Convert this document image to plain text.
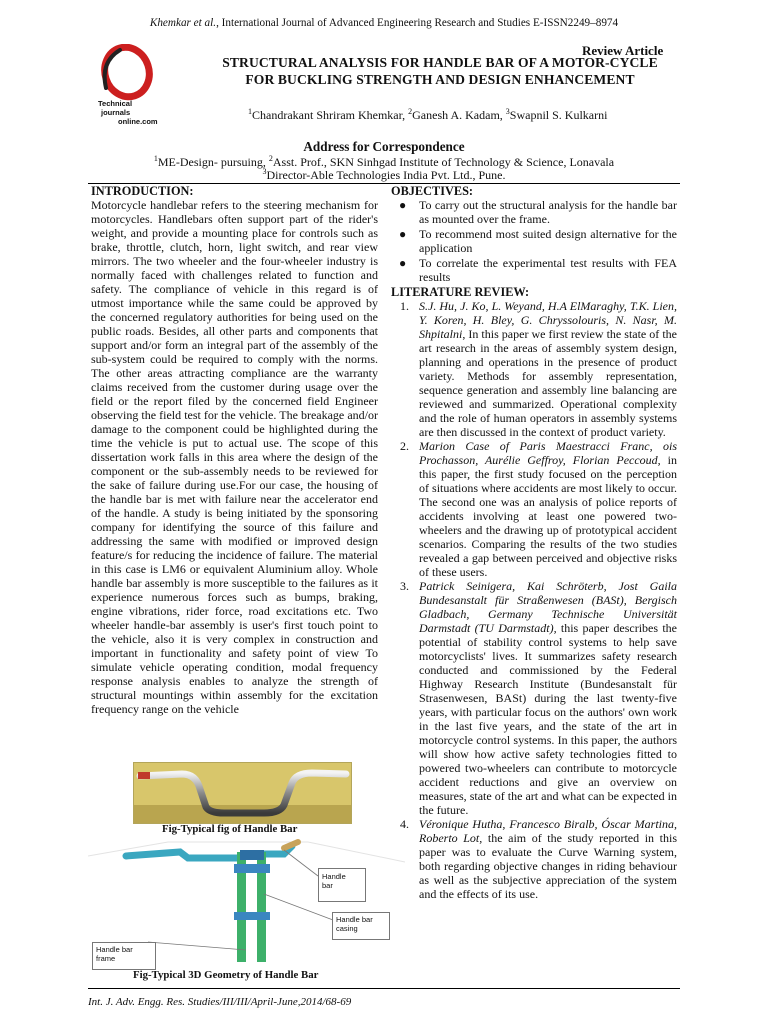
Khemkar et al., International Journal of Advanced Engineering Research and Studies E-ISSN2249–8974
Technical
journals
online.com
Review Article
STRUCTURAL ANALYSIS FOR HANDLE BAR OF A MOTOR-CYCLE FOR BUCKLING STRENGTH AND DESIGN ENHANCEMENT
$^1$Chandrakant Shriram Khemkar, $^2$Ganesh A. Kadam, $^3$Swapnil S. Kulkarni
Address for Correspondence
$^1$ME-Design- pursuing, $^2$Asst. Prof., SKN Sinhgad Institute of Technology & Science, Lonavala
$^3$Director-Able Technologies India Pvt. Ltd., Pune.
INTRODUCTION:

Motorcycle handlebar refers to the steering mechanism for motorcycles. Handlebars often support part of the rider's weight, and provide a mounting place for controls such as brake, throttle, clutch, horn, light switch, and rear view mirrors. The two wheeler and the four-wheeler industry is normally faced with challenges related to function and safety. The compliance of vehicle in this regard is of utmost importance while the same could be approved by the concerned regulatory authorities for being used on the public roads. Besides, all other parts and components that support and/or form an integral part of the assembly of the sub-system could be required to comply with the norms. The other areas attracting compliance are the warranty claims received from the customer during usage over the field or the report filed by the concerned field Engineer observing the field test for the vehicle. The breakage and/or damage to the component could be highlighted during the time the vehicle is put to actual use. The scope of this dissertation work falls in this area where the design of the component or the sub-assembly needs to be reviewed for the sake of failure during use.For our case, the housing of the handle bar is met with failure near the accelerator end of the handle. A study is being initiated by the sponsoring company for identifying the source of this failure and addressing the same with modified or improved design feature/s for reducing the incidence of failure. The material in this case is LM6 or equivalent Aluminium alloy. Whole handle bar assembly is more susceptible to the failures as it experience numerous forces such as bumps, braking, engine vibrations, rider force, road excitations etc. Two wheeler handle-bar assembly is user's first touch point to the vehicle, also it is very complex in construction and important in functionality and safety point of view To simulate vehicle operating condition, modal frequency response analysis enables to analyze the strength of structural mountings within assembly for the excitation frequency range on the vehicle

Fig-Typical fig of Handle Bar
Handle
bar
Handle bar
frame
Handle bar
casing
Fig-Typical 3D Geometry of Handle Bar
OBJECTIVES:
● To carry out the structural analysis for the handle bar as mounted over the frame.
● To recommend most suited design alternative for the application
● To correlate the experimental test results with FEA results
LITERATURE REVIEW:
1. S.J. Hu, J. Ko, L. Weyand, H.A ElMaraghy, T.K. Lien, Y. Koren, H. Bley, G. Chryssolouris, N. Nasr, M. Shpitalni, In this paper we first review the state of the art research in the areas of assembly system design, planning and operations in the presence of product variety. Methods for assembly representation, sequence generation and assembly line balancing are reviewed and summarized. Operational complexity and the role of human operators in assembly systems are then discussed in the context of product variety.
2. Marion Case of Paris Maestracci Franc, ois Prochasson, Aurélie Geffroy, Florian Peccoud, in this paper, the first study focused on the perception of situations where accidents are most likely to occur. The second one was an analysis of police reports of accidents involving at least one powered two-wheelers and the drawing up of prototypical accident scenarios. Comparing the results of the two studies revealed a gap between perceived and objective risks of these users.
3. Patrick Seinigera, Kai Schröterb, Jost Gaila Bundesanstalt für Straßenwesen (BASt), Bergisch Gladbach, Germany Technische Universität Darmstadt (TU Darmstadt), this paper describes the potential of stability control systems to help save motorcyclists' lives. It summarizes safety research conducted and commissioned by the Federal Highway Research Institute (Bundesanstalt für Strasenwesen, BASt) during the last twenty-five years, with particular focus on the authors' own work in the last five years, and the state of the art in motorcycle control systems. In this paper, the authors will show how active safety technologies fitted to powered two-wheelers can contribute to motorcycle accident reductions and give an overview on measures, state of the art and what can be expected in the future.
4. Véronique Hutha, Francesco Biralb, Óscar Martina, Roberto Lot, the aim of the study reported in this paper was to evaluate the Curve Warning system, both regarding objective changes in riding behaviour as well as the subjective appreciation of the system and the effects of its use.
Int. J. Adv. Engg. Res. Studies/III/III/April-June,2014/68-69
